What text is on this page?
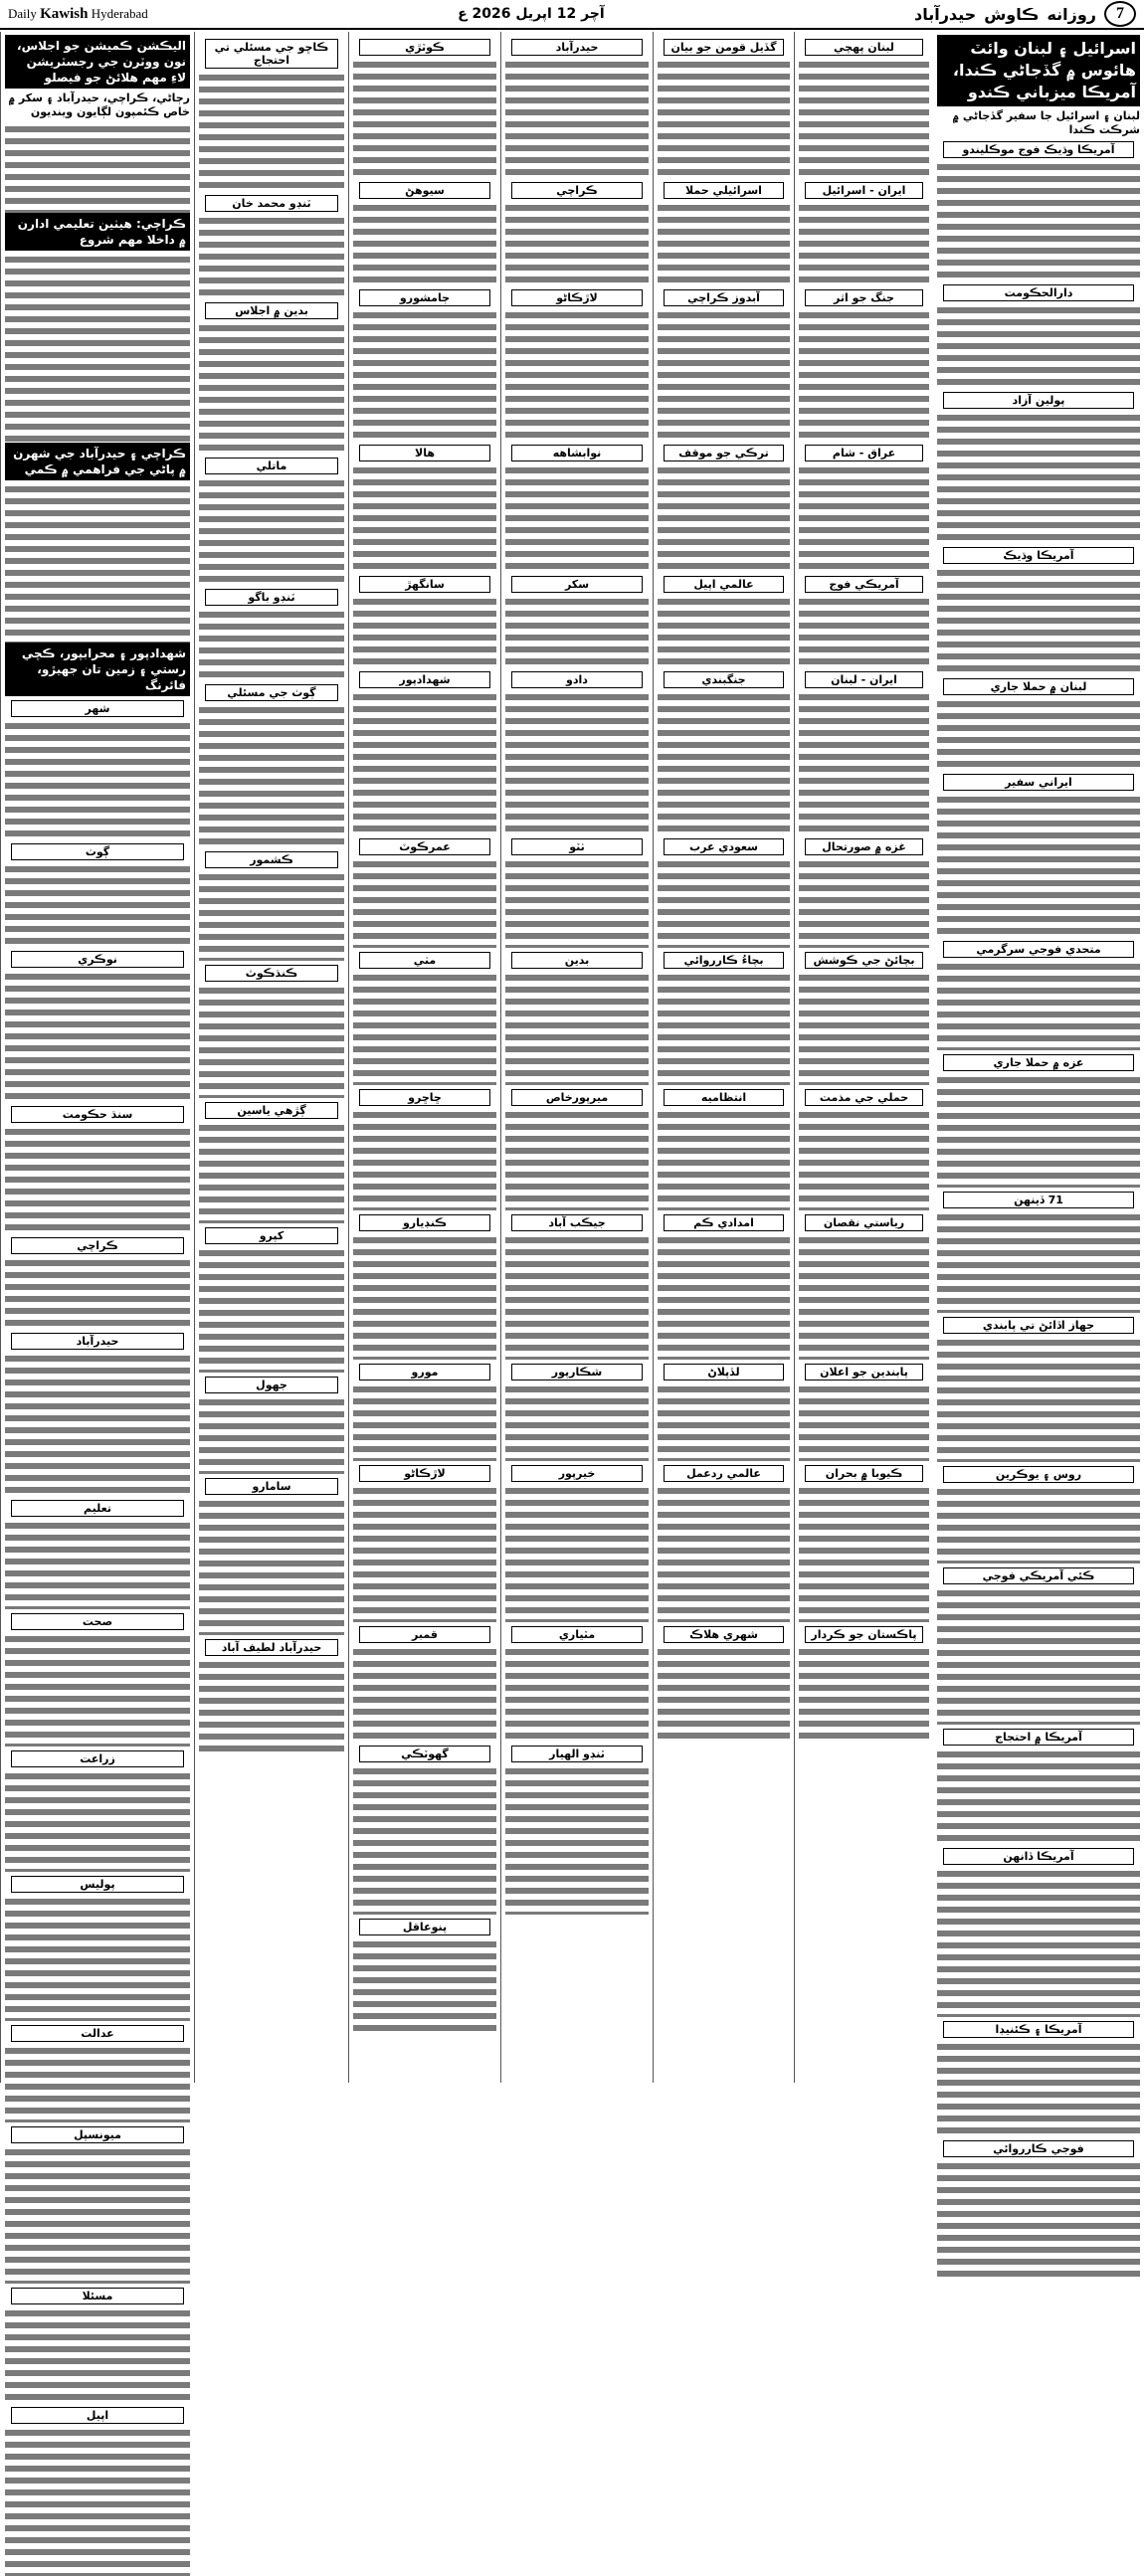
Daily Kawish Hyderabad	آچر 12 اپريل 2026 ع	7
روزانه
ڪاوش
حيدرآباد
اسرائيل ۽ لبنان وائٽ هائوس ۾ گڏجاڻي ڪندا، آمريڪا ميزباني ڪندو
لبنان ۽ اسرائيل جا سفير گڏجاڻي ۾ شرڪت ڪندا
آمريڪا وڌيڪ فوج موڪليندو
دارالحڪومت
پولين آزاد
آمريڪا وڌيڪ
لبنان ۾ حملا جاري
ايراني سفير
متحدي فوجي سرگرمي
عزه ۾ حملا جاري
71 ڏينهن
جهاز اڏائڻ تي پابندي
روس ۽ يوڪرين
ڪئي آمريڪي فوجي
آمريڪا ۾ احتجاج
آمريڪا ڏانهن
آمريڪا ۽ ڪئنيڊا
فوجي ڪارروائي
لبنان پهچي
ايران - اسرائيل
جنگ جو اثر
عراق - شام
آمريڪي فوج
ايران - لبنان
غزه ۾ صورتحال
بچائڻ جي ڪوشش
حملي جي مذمت
رياستي نقصان
پابندين جو اعلان
ڪيوبا ۾ بحران
پاڪستان جو ڪردار
گڏيل قومن جو بيان
اسرائيلي حملا
آبدوز ڪراچي
ترڪي جو موقف
عالمي اپيل
جنگبندي
سعودي عرب
بچاءُ ڪارروائي
انتظاميه
امدادي ڪم
لڏپلاڻ
عالمي ردعمل
شهري هلاڪ
حيدرآباد
ڪراچي
لاڙڪاڻو
نوابشاهه
سکر
دادو
ٺٽو
بدين
ميرپورخاص
جيڪب آباد
شڪارپور
خيرپور
مٽياري
ٽنڊو الهيار
ڪوٽڙي
سيوهڻ
ڄامشورو
هالا
سانگهڙ
شهدادپور
عمرڪوٽ
مٺي
ڇاڇرو
ڪنڊيارو
مورو
لاڙڪاڻو
قمبر
گهوٽڪي
پنوعاقل
ڪاڇو جي مسئلي تي احتجاج
ٽنڊو محمد خان
بدين ۾ اجلاس
ماتلي
ٽنڊو باگو
ڳوٺ جي مسئلي
ڪشمور
ڪنڌڪوٽ
ڳڙهي ياسين
کپرو
جهول
سامارو
حيدرآباد لطيف آباد
اليڪشن ڪميشن جو اجلاس، نون ووٽرن جي رجسٽريشن لاءِ مهم هلائڻ جو فيصلو
رڄاڻي، ڪراچي، حيدرآباد ۽ سکر ۾ خاص ڪئمپون لڳايون وينديون
ڪراچي: هيٺين تعليمي ادارن ۾ داخلا مهم شروع
ڪراچي ۽ حيدرآباد جي شهرن ۾ پاڻي جي فراهمي ۾ ڪمي
شهدادپور ۽ محرابپور، ڪچي رستي ۽ زمين تان جهيڙو، فائرنگ
شهر
ڳوٺ
نوڪري
سنڌ حڪومت
ڪراچي
حيدرآباد
تعليم
صحت
زراعت
پوليس
عدالت
ميونسپل
مسئلا
اپيل
